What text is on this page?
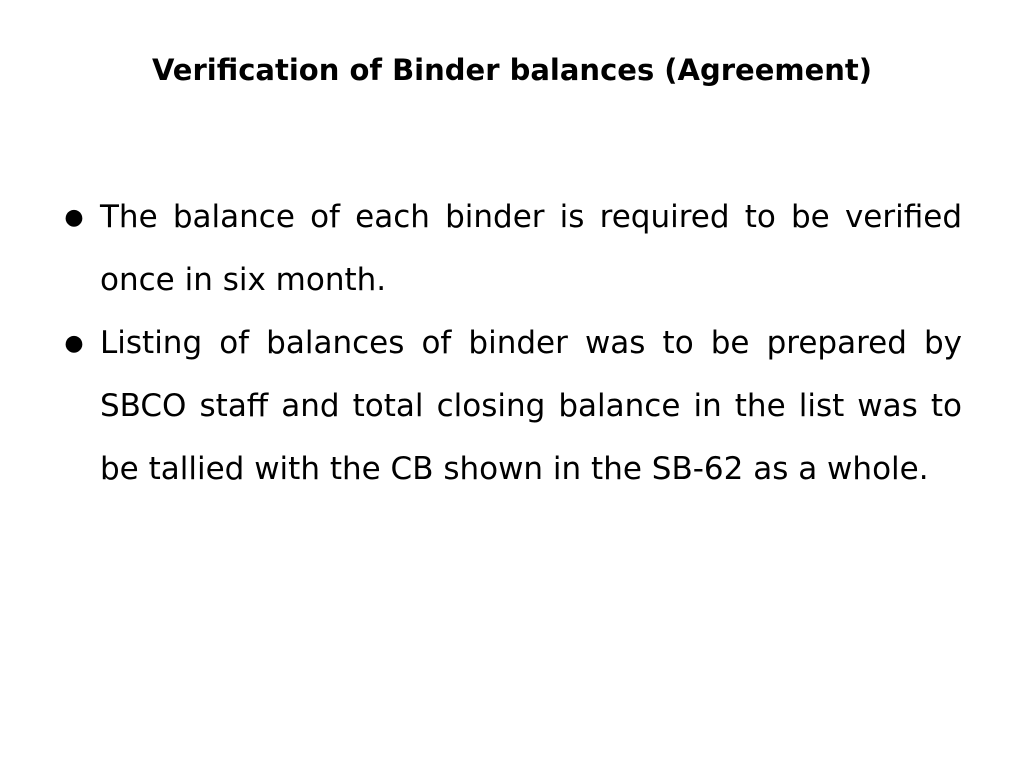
Verification of Binder balances (Agreement)
● The balance of each binder is required to be verified once in six month.
● Listing of balances of binder was to be prepared by SBCO staff and total closing balance in the list was to be tallied with the CB shown in the SB-62 as a whole.
